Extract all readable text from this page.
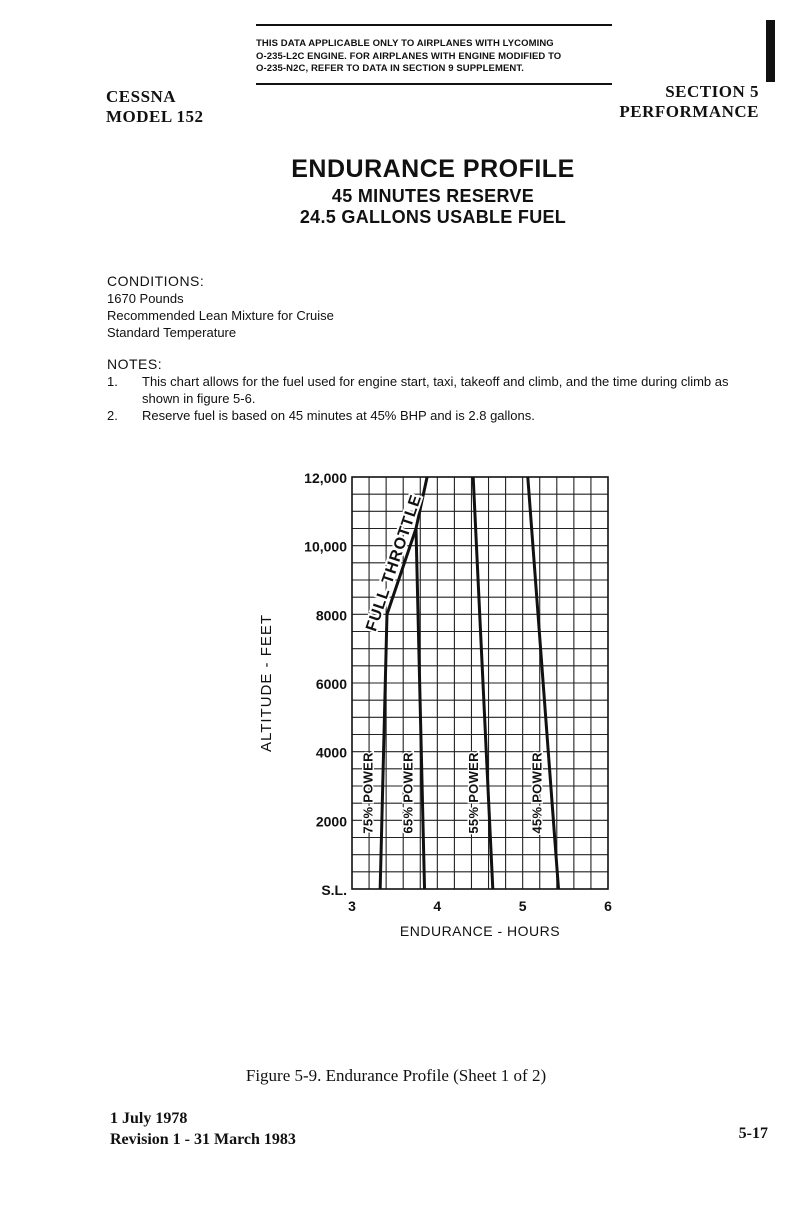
THIS DATA APPLICABLE ONLY TO AIRPLANES WITH LYCOMING
O-235-L2C ENGINE. FOR AIRPLANES WITH ENGINE MODIFIED TO
O-235-N2C, REFER TO DATA IN SECTION 9 SUPPLEMENT.
CESSNA
MODEL 152
SECTION 5
PERFORMANCE
ENDURANCE PROFILE
45 MINUTES RESERVE
24.5 GALLONS USABLE FUEL
CONDITIONS:
1670 Pounds
Recommended Lean Mixture for Cruise
Standard Temperature
NOTES:
1.	This chart allows for the fuel used for engine start, taxi, takeoff and climb, and the time during climb as shown in figure 5-6.
2.	Reserve fuel is based on 45 minutes at 45% BHP and is 2.8 gallons.
S.L.
2000
4000
6000
8000
10,000
12,000
3	4	5	6
ENDURANCE - HOURS
ALTITUDE - FEET
75% POWER 65% POWER	55% POWER	45% POWER
FULL THROTTLE
Figure 5-9. Endurance Profile (Sheet 1 of 2)
1 July 1978
Revision 1 - 31 March 1983	5-17
